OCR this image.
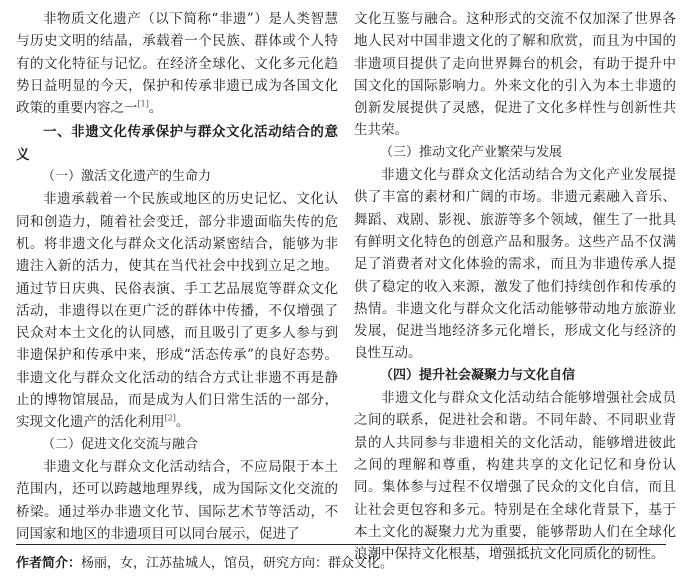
非物质文化遗产（以下简称“非遗”）是人类智慧与历史文明的结晶，承载着一个民族、群体或个人特有的文化特征与记忆。在经济全球化、文化多元化趋势日益明显的今天，保护和传承非遗已成为各国文化政策的重要内容之一[1]。

一、非遗文化传承保护与群众文化活动结合的意义
（一）激活文化遗产的生命力

非遗承载着一个民族或地区的历史记忆、文化认同和创造力，随着社会变迁，部分非遗面临失传的危机。将非遗文化与群众文化活动紧密结合，能够为非遗注入新的活力，使其在当代社会中找到立足之地。通过节日庆典、民俗表演、手工艺品展览等群众文化活动，非遗得以在更广泛的群体中传播，不仅增强了民众对本土文化的认同感，而且吸引了更多人参与到非遗保护和传承中来，形成“活态传承”的良好态势。非遗文化与群众文化活动的结合方式让非遗不再是静止的博物馆展品，而是成为人们日常生活的一部分，实现文化遗产的活化利用[2]。

（二）促进文化交流与融合

非遗文化与群众文化活动结合，不应局限于本土范围内，还可以跨越地理界线，成为国际文化交流的桥梁。通过举办非遗文化节、国际艺术节等活动，不同国家和地区的非遗项目可以同台展示，促进了

文化互鉴与融合。这种形式的交流不仅加深了世界各地人民对中国非遗文化的了解和欣赏，而且为中国的非遗项目提供了走向世界舞台的机会，有助于提升中国文化的国际影响力。外来文化的引入为本土非遗的创新发展提供了灵感，促进了文化多样性与创新性共生共荣。

（三）推动文化产业繁荣与发展

非遗文化与群众文化活动结合为文化产业发展提供了丰富的素材和广阔的市场。非遗元素融入音乐、舞蹈、戏剧、影视、旅游等多个领域，催生了一批具有鲜明文化特色的创意产品和服务。这些产品不仅满足了消费者对文化体验的需求，而且为非遗传承人提供了稳定的收入来源，激发了他们持续创作和传承的热情。非遗文化与群众文化活动能够带动地方旅游业发展，促进当地经济多元化增长，形成文化与经济的良性互动。

（四）提升社会凝聚力与文化自信

非遗文化与群众文化活动结合能够增强社会成员之间的联系，促进社会和谐。不同年龄、不同职业背景的人共同参与非遗相关的文化活动，能够增进彼此之间的理解和尊重，构建共享的文化记忆和身份认同。集体参与过程不仅增强了民众的文化自信，而且让社会更包容和多元。特别是在全球化背景下，基于本土文化的凝聚力尤为重要，能够帮助人们在全球化浪潮中保持文化根基，增强抵抗文化同质化的韧性。

作者简介：杨丽，女，江苏盐城人，馆员，研究方向：群众文化。
